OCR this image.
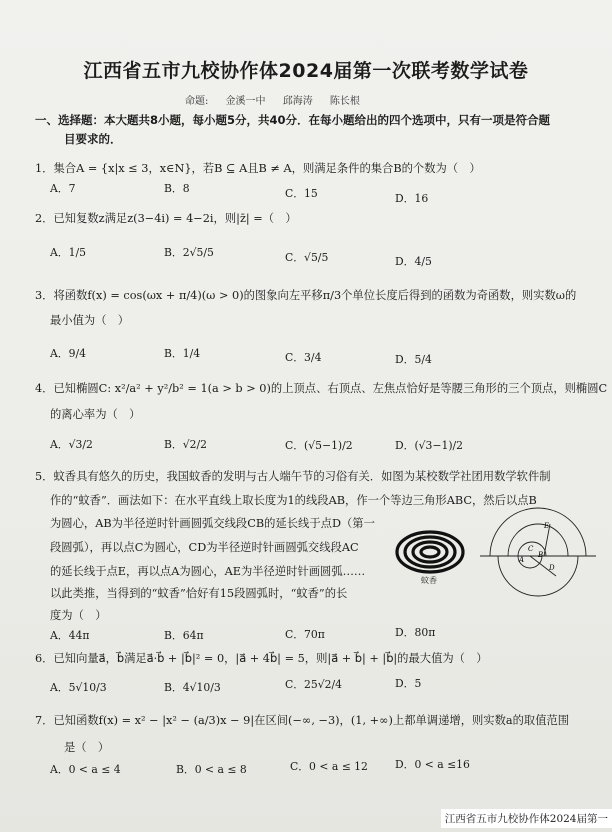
江西省五市九校协作体2024届第一次联考数学试卷
命题: 金溪一中 邱海涛 陈长根
一、选择题：本大题共8小题，每小题5分，共40分．在每小题给出的四个选项中，只有一项是符合题
目要求的．
1．集合A = {x|x ≤ 3，x∈N}，若B ⊆ A且B ≠ A，则满足条件的集合B的个数为（　）
A．7	B．8	C．15	D．16
2．已知复数z满足z(3−4i) = 4−2i，则|z̄| =（　）
A．1/5	B．2√5/5	C．√5/5	D．4/5
3．将函数f(x) = cos(ωx + π/4)(ω > 0)的图象向左平移π/3个单位长度后得到的函数为奇函数，则实数ω的
最小值为（　）
A．9/4	B．1/4	C．3/4	D．5/4
4．已知椭圆C: x²/a² + y²/b² = 1(a > b > 0)的上顶点、右顶点、左焦点恰好是等腰三角形的三个顶点，则椭圆C
的离心率为（　）
A．√3/2	B．√2/2	C．(√5−1)/2	D．(√3−1)/2
5．蚊香具有悠久的历史，我国蚊香的发明与古人端午节的习俗有关．如图为某校数学社团用数学软件制
作的“蚊香”．画法如下：在水平直线上取长度为1的线段AB，作一个等边三角形ABC，然后以点B
为圆心，AB为半径逆时针画圆弧交线段CB的延长线于点D（第一
段圆弧），再以点C为圆心，CD为半径逆时针画圆弧交线段AC
的延长线于点E，再以点A为圆心，AE为半径逆时针画圆弧……
以此类推，当得到的“蚊香”恰好有15段圆弧时，“蚊香”的长
度为（　）
蚊香
A
B
C
D
E
A．44π	B．64π	C．70π	D．80π
6．已知向量a⃗，b⃗满足a⃗·b⃗ + |b⃗|² = 0，|a⃗ + 4b⃗| = 5，则|a⃗ + b⃗| + |b⃗|的最大值为（　）
A．5√10/3	B．4√10/3	C．25√2/4	D．5
7．已知函数f(x) = x² − |x² − (a/3)x − 9|在区间(−∞, −3)，(1, +∞)上都单调递增，则实数a的取值范围
是（　）
A．0 < a ≤ 4	B．0 < a ≤ 8	C．0 < a ≤ 12	D．0 < a ≤16
江西省五市九校协作体2024届第一
